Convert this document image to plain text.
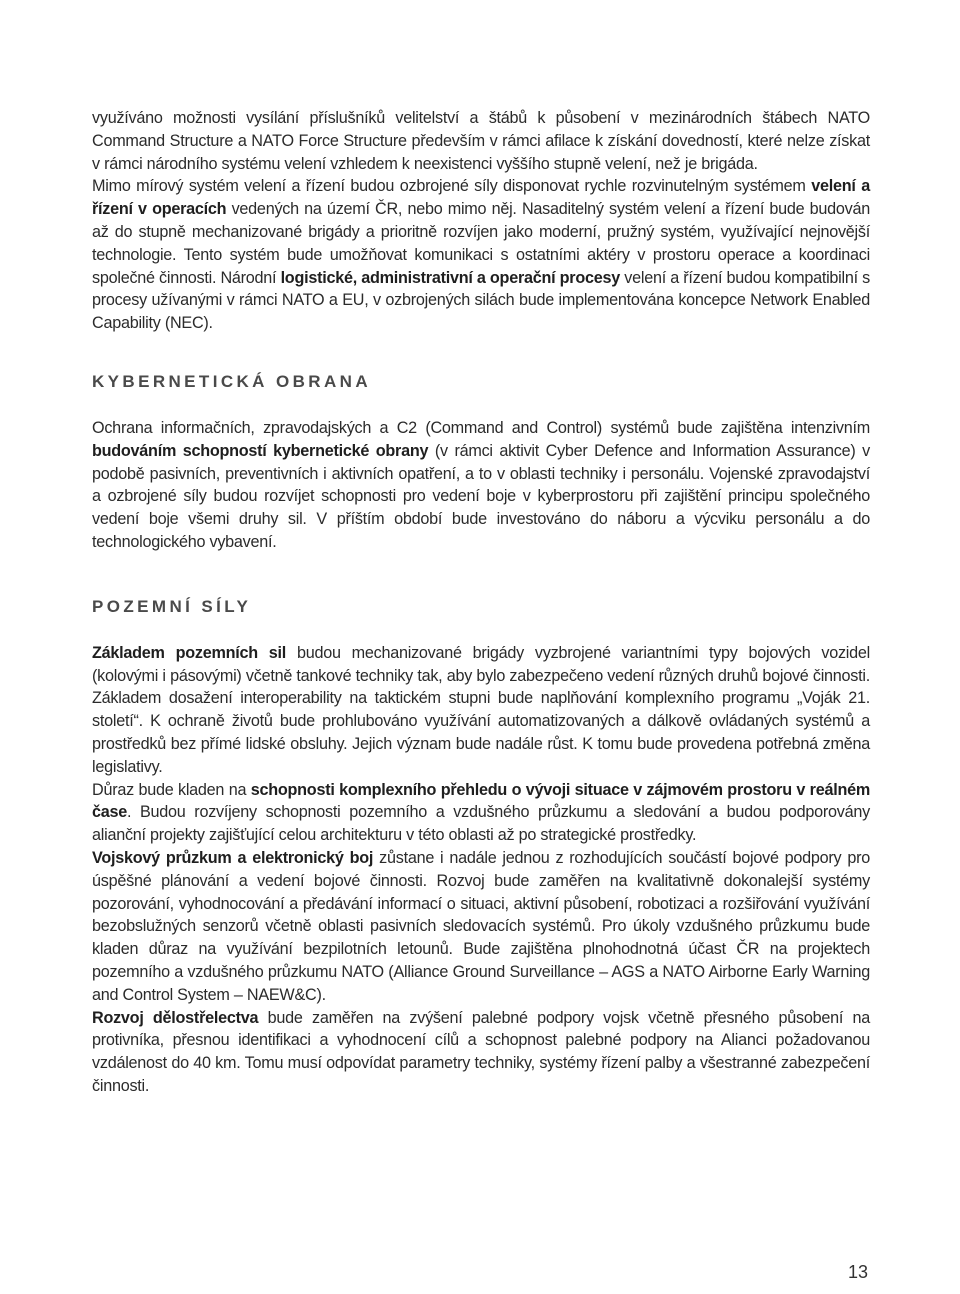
využíváno možnosti vysílání příslušníků velitelství a štábů k působení v mezinárodních štábech NATO Command Structure a NATO Force Structure především v rámci afilace k získání dovedností, které nelze získat v rámci národního systému velení vzhledem k neexistenci vyššího stupně velení, než je brigáda.

Mimo mírový systém velení a řízení budou ozbrojené síly disponovat rychle rozvinutelným systémem velení a řízení v operacích vedených na území ČR, nebo mimo něj. Nasaditelný systém velení a řízení bude budován až do stupně mechanizované brigády a prioritně rozvíjen jako moderní, pružný systém, využívající nejnovější technologie. Tento systém bude umožňovat komunikaci s ostatními aktéry v prostoru operace a koordinaci společné činnosti. Národní logistické, administrativní a operační procesy velení a řízení budou kompatibilní s procesy užívanými v rámci NATO a EU, v ozbrojených silách bude implementována koncepce Network Enabled Capability (NEC).

KYBERNETICKÁ OBRANA

Ochrana informačních, zpravodajských a C2 (Command and Control) systémů bude zajištěna intenzivním budováním schopností kybernetické obrany (v rámci aktivit Cyber Defence and Information Assurance) v podobě pasivních, preventivních i aktivních opatření, a to v oblasti techniky i personálu. Vojenské zpravodajství a ozbrojené síly budou rozvíjet schopnosti pro vedení boje v kyberprostoru při zajištění principu společného vedení boje všemi druhy sil. V příštím období bude investováno do náboru a výcviku personálu a do technologického vybavení.

POZEMNÍ SÍLY

Základem pozemních sil budou mechanizované brigády vyzbrojené variantními typy bojových vozidel (kolovými i pásovými) včetně tankové techniky tak, aby bylo zabezpečeno vedení různých druhů bojové činnosti. Základem dosažení interoperability na taktickém stupni bude naplňování komplexního programu „Voják 21. století“. K ochraně životů bude prohlubováno využívání automatizovaných a dálkově ovládaných systémů a prostředků bez přímé lidské obsluhy. Jejich význam bude nadále růst. K tomu bude provedena potřebná změna legislativy.

Důraz bude kladen na schopnosti komplexního přehledu o vývoji situace v zájmovém prostoru v reálném čase. Budou rozvíjeny schopnosti pozemního a vzdušného průzkumu a sledování a budou podporovány alianční projekty zajišťující celou architekturu v této oblasti až po strategické prostředky.

Vojskový průzkum a elektronický boj zůstane i nadále jednou z rozhodujících součástí bojové podpory pro úspěšné plánování a vedení bojové činnosti. Rozvoj bude zaměřen na kvalitativně dokonalejší systémy pozorování, vyhodnocování a předávání informací o situaci, aktivní působení, robotizaci a rozšiřování využívání bezobslužných senzorů včetně oblasti pasivních sledovacích systémů. Pro úkoly vzdušného průzkumu bude kladen důraz na využívání bezpilotních letounů. Bude zajištěna plnohodnotná účast ČR na projektech pozemního a vzdušného průzkumu NATO (Alliance Ground Surveillance – AGS a NATO Airborne Early Warning and Control System – NAEW&C).

Rozvoj dělostřelectva bude zaměřen na zvýšení palebné podpory vojsk včetně přesného působení na protivníka, přesnou identifikaci a vyhodnocení cílů a schopnost palebné podpory na Alianci požadovanou vzdálenost do 40 km. Tomu musí odpovídat parametry techniky, systémy řízení palby a všestranné zabezpečení činnosti.

13
